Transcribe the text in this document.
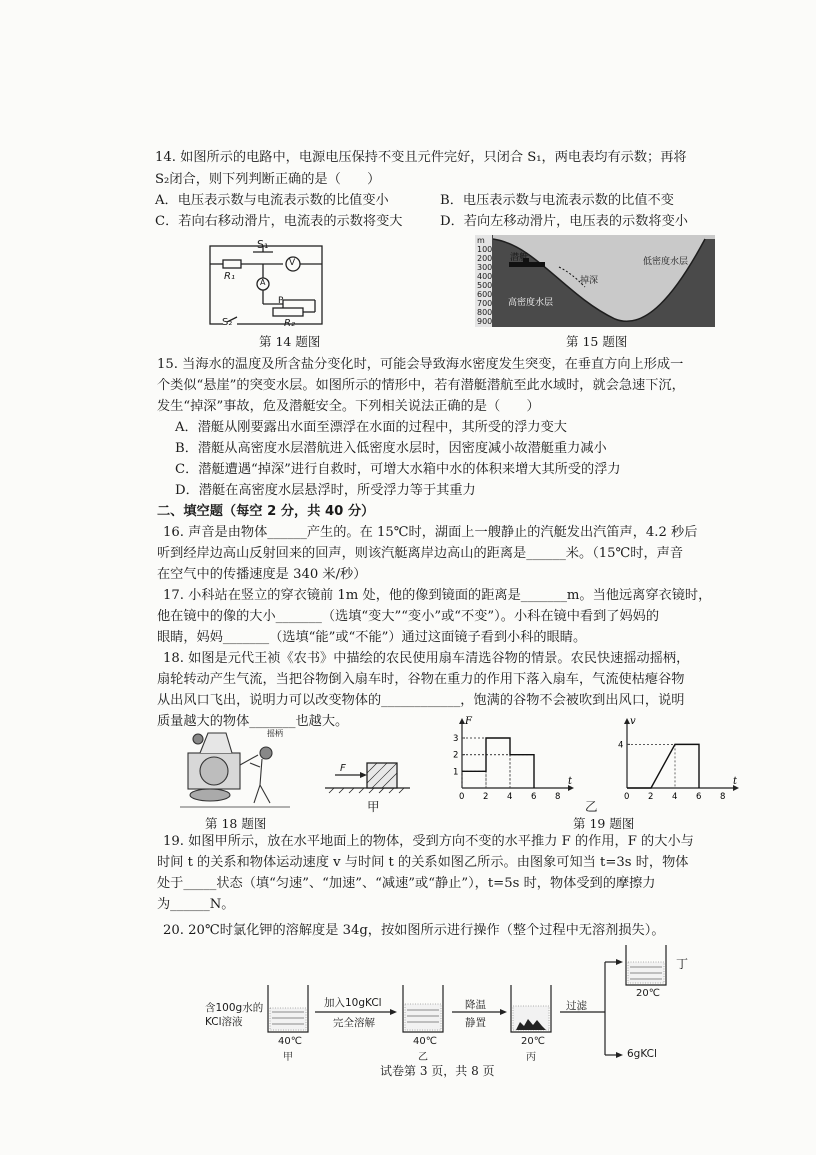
14. 如图所示的电路中，电源电压保持不变且元件完好，只闭合 S₁，两电表均有示数；再将
S₂闭合，则下列判断正确的是（　　）
A．电压表示数与电流表示数的比值变小	B．电压表示数与电流表示数的比值不变
C．若向右移动滑片，电流表的示数将变大	D．若向左移动滑片，电压表的示数将变小
S₁
R₁
V
A
P
S₂	R₂
第 14 题图
m
100
200
300
400
500
600
700
800
900
潜艇
掉深
低密度水层
高密度水层
第 15 题图
15. 当海水的温度及所含盐分变化时，可能会导致海水密度发生突变，在垂直方向上形成一
个类似“悬崖”的突变水层。如图所示的情形中，若有潜艇潜航至此水域时，就会急速下沉，
发生“掉深”事故，危及潜艇安全。下列相关说法正确的是（　　）
A．潜艇从刚要露出水面至漂浮在水面的过程中，其所受的浮力变大
B．潜艇从高密度水层潜航进入低密度水层时，因密度减小故潜艇重力减小
C．潜艇遭遇“掉深”进行自救时，可增大水箱中水的体积来增大其所受的浮力
D．潜艇在高密度水层悬浮时，所受浮力等于其重力
二、填空题（每空 2 分，共 40 分）
16. 声音是由物体______产生的。在 15℃时，湖面上一艘静止的汽艇发出汽笛声，4.2 秒后
听到经岸边高山反射回来的回声，则该汽艇离岸边高山的距离是______米。（15℃时，声音
在空气中的传播速度是 340 米/秒）
17. 小科站在竖立的穿衣镜前 1m 处，他的像到镜面的距离是_______m。当他远离穿衣镜时，
他在镜中的像的大小_______（选填“变大”“变小”或“不变”）。小科在镜中看到了妈妈的
眼睛，妈妈_______（选填“能”或“不能”）通过这面镜子看到小科的眼睛。
18. 如图是元代王祯《农书》中描绘的农民使用扇车清选谷物的情景。农民快速摇动摇柄，
扇轮转动产生气流，当把谷物倒入扇车时，谷物在重力的作用下落入扇车，气流使枯瘪谷物
从出风口飞出，说明力可以改变物体的____________，饱满的谷物不会被吹到出风口，说明
质量越大的物体_______也越大。
摇柄
第 18 题图
F
甲
t
F
0 2 4 6 8
1
2
3
t
v
0 2 4 6 8
4
乙
第 19 题图
19. 如图甲所示，放在水平地面上的物体，受到方向不变的水平推力 F 的作用，F 的大小与
时间 t 的关系和物体运动速度 v 与时间 t 的关系如图乙所示。由图象可知当 t=3s 时，物体
处于_____状态（填“匀速”、“加速”、“减速”或“静止”），t=5s 时，物体受到的摩擦力
为______N。
20. 20℃时氯化钾的溶解度是 34g，按如图所示进行操作（整个过程中无溶剂损失）。
含100g水的
KCl溶液
加入10gKCl
完全溶解
降温
静置
过滤
40℃
甲
40℃
乙
20℃
丙
20℃
丁
6gKCl
试卷第 3 页，共 8 页
